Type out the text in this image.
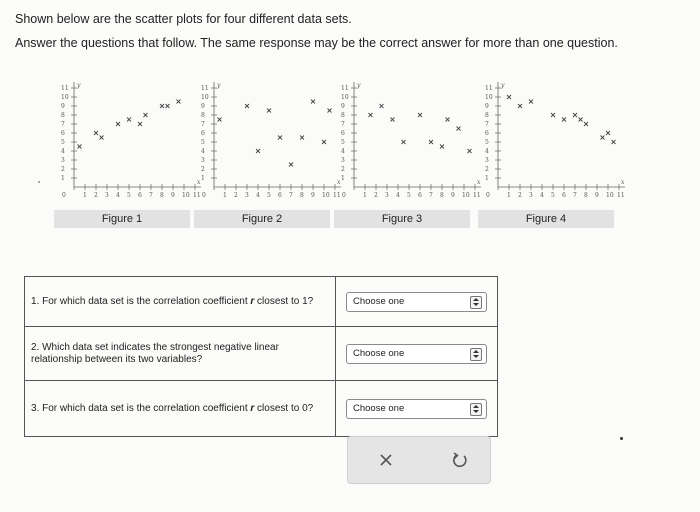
Shown below are the scatter plots for four different data sets.
Answer the questions that follow. The same response may be the correct answer for more than one question.
0	1
1
2
2
3
3
4
4
5
5
6
6
7
7
8
8
9
9
10
10
11
11
x
y
Figure 1
0	1
1
2
2
3
3
4
4
5
5
6
6
7
7
8
8
9
9
10
10
11
11
x
y
Figure 2
0	1
1
2
2
3
3
4
4
5
5
6
6
7
7
8
8
9
9
10
10
11
11
x
y
Figure 3
0	1
1
2
2
3
3
4
4
5
5
6
6
7
7
8
8
9
9
10
10
11
11
x
y
Figure 4
1. For which data set is the correlation coefficient r closest to 1?	Choose one

2. Which data set indicates the strongest negative linear relationship between its two variables?	Choose one

3. For which data set is the correlation coefficient r closest to 0?	Choose one
